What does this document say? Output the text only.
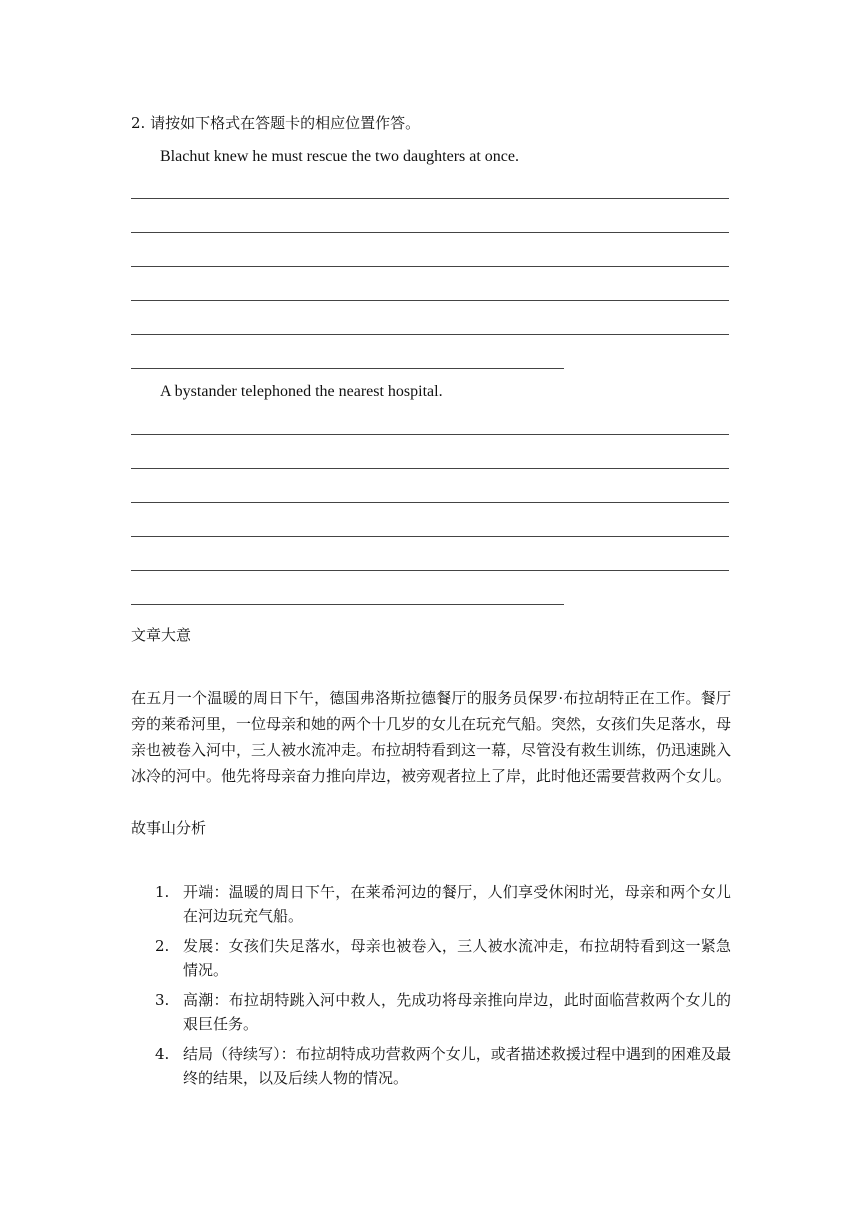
2. 请按如下格式在答题卡的相应位置作答。

Blachut knew he must rescue the two daughters at once.

A bystander telephoned the nearest hospital.

文章大意

在五月一个温暖的周日下午，德国弗洛斯拉德餐厅的服务员保罗·布拉胡特正在工作。餐厅旁的莱希河里，一位母亲和她的两个十几岁的女儿在玩充气船。突然，女孩们失足落水，母亲也被卷入河中，三人被水流冲走。布拉胡特看到这一幕，尽管没有救生训练，仍迅速跳入冰冷的河中。他先将母亲奋力推向岸边，被旁观者拉上了岸，此时他还需要营救两个女儿。

故事山分析

1. 开端：温暖的周日下午，在莱希河边的餐厅，人们享受休闲时光，母亲和两个女儿在河边玩充气船。
2. 发展：女孩们失足落水，母亲也被卷入，三人被水流冲走，布拉胡特看到这一紧急情况。
3. 高潮：布拉胡特跳入河中救人，先成功将母亲推向岸边，此时面临营救两个女儿的艰巨任务。
4. 结局（待续写）：布拉胡特成功营救两个女儿，或者描述救援过程中遇到的困难及最终的结果，以及后续人物的情况。
